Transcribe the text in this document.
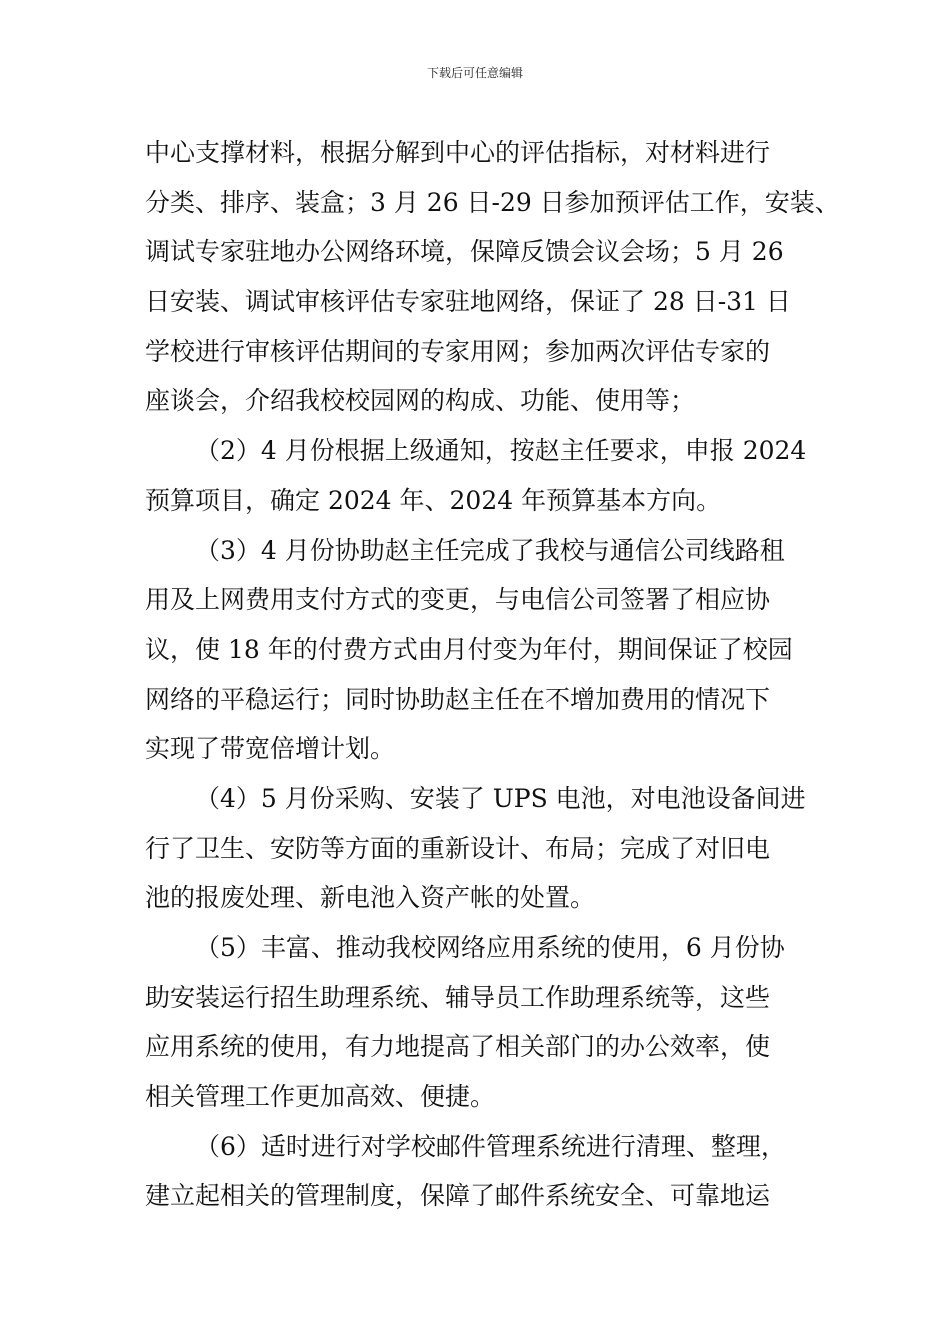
下载后可任意编辑
中心支撑材料，根据分解到中心的评估指标，对材料进行
分类、排序、装盒；3 月 26 日-29 日参加预评估工作，安装、
调试专家驻地办公网络环境，保障反馈会议会场；5 月 26
日安装、调试审核评估专家驻地网络，保证了 28 日-31 日
学校进行审核评估期间的专家用网；参加两次评估专家的
座谈会，介绍我校校园网的构成、功能、使用等；
（2）4 月份根据上级通知，按赵主任要求，申报 2024
预算项目，确定 2024 年、2024 年预算基本方向。
（3）4 月份协助赵主任完成了我校与通信公司线路租
用及上网费用支付方式的变更，与电信公司签署了相应协
议，使 18 年的付费方式由月付变为年付，期间保证了校园
网络的平稳运行；同时协助赵主任在不增加费用的情况下
实现了带宽倍增计划。
（4）5 月份采购、安装了 UPS 电池，对电池设备间进
行了卫生、安防等方面的重新设计、布局；完成了对旧电
池的报废处理、新电池入资产帐的处置。
（5）丰富、推动我校网络应用系统的使用，6 月份协
助安装运行招生助理系统、辅导员工作助理系统等，这些
应用系统的使用，有力地提高了相关部门的办公效率，使
相关管理工作更加高效、便捷。
（6）适时进行对学校邮件管理系统进行清理、整理，
建立起相关的管理制度，保障了邮件系统安全、可靠地运
